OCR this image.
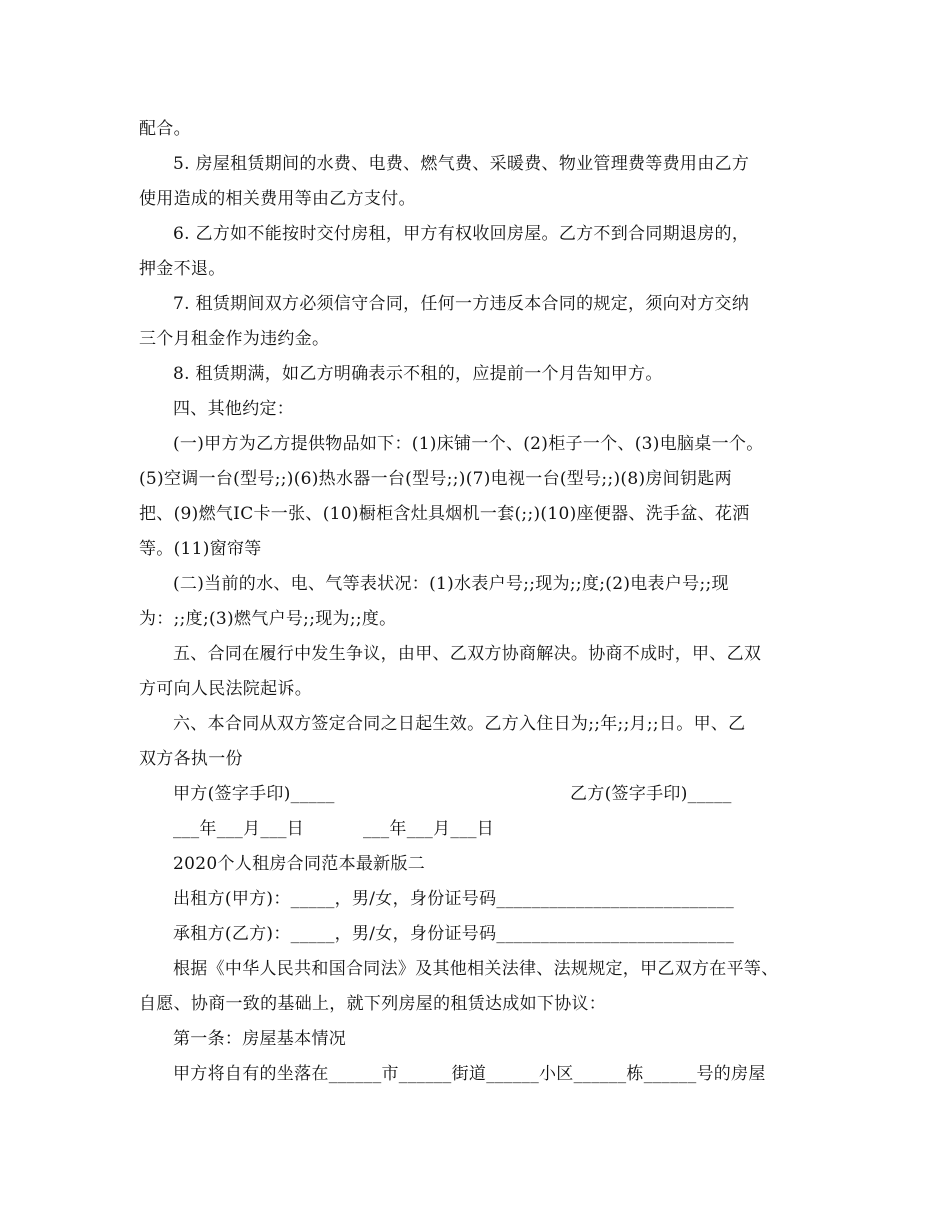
配合。
5. 房屋租赁期间的水费、电费、燃气费、采暖费、物业管理费等费用由乙方
使用造成的相关费用等由乙方支付。
6. 乙方如不能按时交付房租，甲方有权收回房屋。乙方不到合同期退房的，
押金不退。
7. 租赁期间双方必须信守合同，任何一方违反本合同的规定，须向对方交纳
三个月租金作为违约金。
8. 租赁期满，如乙方明确表示不租的，应提前一个月告知甲方。
四、其他约定：
(一)甲方为乙方提供物品如下：(1)床铺一个、(2)柜子一个、(3)电脑桌一个。
(5)空调一台(型号;;)(6)热水器一台(型号;;)(7)电视一台(型号;;)(8)房间钥匙两
把、(9)燃气IC卡一张、(10)橱柜含灶具烟机一套(;;)(10)座便器、洗手盆、花洒
等。(11)窗帘等
(二)当前的水、电、气等表状况：(1)水表户号;;现为;;度;(2)电表户号;;现
为：;;度;(3)燃气户号;;现为;;度。
五、合同在履行中发生争议，由甲、乙双方协商解决。协商不成时，甲、乙双
方可向人民法院起诉。
六、本合同从双方签定合同之日起生效。乙方入住日为;;年;;月;;日。甲、乙
双方各执一份
甲方(签字手印)_____	乙方(签字手印)_____
___年___月___日	___年___月___日
2020个人租房合同范本最新版二
出租方(甲方)：_____，男/女，身份证号码___________________________
承租方(乙方)：_____，男/女，身份证号码___________________________
根据《中华人民共和国合同法》及其他相关法律、法规规定，甲乙双方在平等、
自愿、协商一致的基础上，就下列房屋的租赁达成如下协议：
第一条：房屋基本情况
甲方将自有的坐落在______市______街道______小区______栋______号的房屋
